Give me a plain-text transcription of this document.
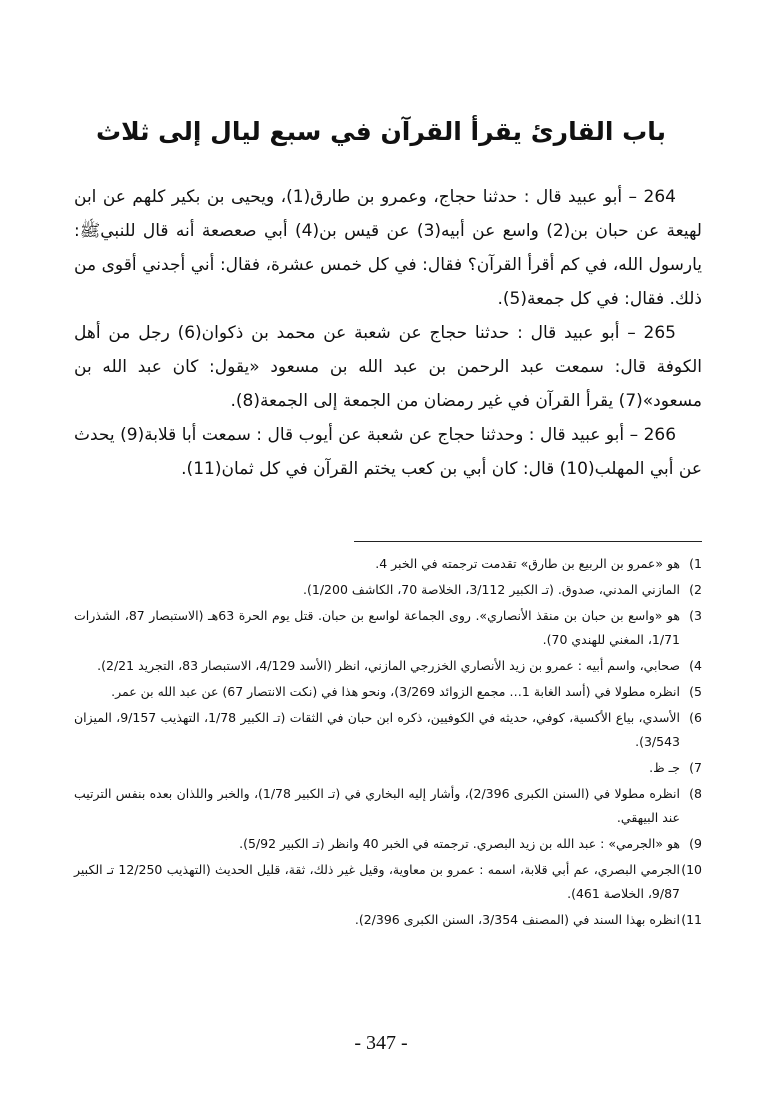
باب القارئ يقرأ القرآن في سبع ليال إلى ثلاث

264 – أبو عبيد قال : حدثنا حجاج، وعمرو بن طارق(1)، ويحيى بن بكير كلهم عن ابن لهيعة عن حبان بن(2) واسع عن أبيه(3) عن قيس بن(4) أبي صعصعة أنه قال للنبيﷺ: يارسول الله، في كم أقرأ القرآن؟ فقال: في كل خمس عشرة، فقال: أني أجدني أقوى من ذلك. فقال: في كل جمعة(5).

265 – أبو عبيد قال : حدثنا حجاج عن شعبة عن محمد بن ذكوان(6) رجل من أهل الكوفة قال: سمعت عبد الرحمن بن عبد الله بن مسعود «يقول: كان عبد الله بن مسعود»(7) يقرأ القرآن في غير رمضان من الجمعة إلى الجمعة(8).

266 – أبو عبيد قال : وحدثنا حجاج عن شعبة عن أيوب قال : سمعت أبا قلابة(9) يحدث عن أبي المهلب(10) قال: كان أبي بن كعب يختم القرآن في كل ثمان(11).

1)
هو «عمرو بن الربيع بن طارق» تقدمت ترجمته في الخبر 4.
2)
المازني المدني، صدوق. (تـ الكبير 3/112، الخلاصة 70، الكاشف 1/200).
3)
هو «واسع بن حبان بن منقذ الأنصاري». روى الجماعة لواسع بن حبان. قتل يوم الحرة 63هـ (الاستبصار 87، الشذرات 1/71، المغني للهندي 70).
4)
صحابي، واسم أبيه : عمرو بن زيد الأنصاري الخزرجي المازني، انظر (الأسد 4/129، الاستبصار 83، التجريد 2/21).
5)
انظره مطولا في (أسد الغابة 1… مجمع الزوائد 3/269)، ونحو هذا في (نكت الانتصار 67) عن عبد الله بن عمر.
6)
الأسدي، بياع الأكسية، كوفي، حديثه في الكوفيين، ذكره ابن حبان في الثقات (تـ الكبير 1/78، التهذيب 9/157، الميزان 3/543).
7)
جـ ظ.
8)
انظره مطولا في (السنن الكبرى 2/396)، وأشار إليه البخاري في (تـ الكبير 1/78)، والخبر واللذان بعده بنفس الترتيب عند البيهقي.
9)
هو «الجرمي» : عبد الله بن زيد البصري. ترجمته في الخبر 40 وانظر (تـ الكبير 5/92).
10)
الجرمي البصري، عم أبي قلابة، اسمه : عمرو بن معاوية، وقيل غير ذلك، ثقة، قليل الحديث (التهذيب 12/250 تـ الكبير 9/87، الخلاصة 461).
11)
انظره بهذا السند في (المصنف 3/354، السنن الكبرى 2/396).
- 347 -
